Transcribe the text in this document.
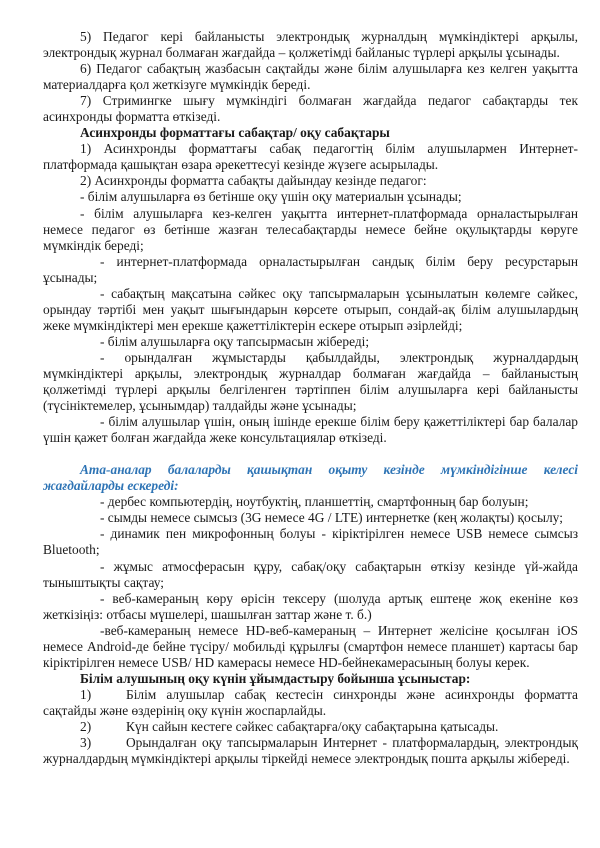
5) Педагог кері байланысты электрондық журналдың мүмкіндіктері арқылы, электрондық журнал болмаған жағдайда – қолжетімді байланыс түрлері арқылы ұсынады.

6) Педагог сабақтың жазбасын сақтайды және білім алушыларға кез келген уақытта материалдарға қол жеткізуге мүмкіндік береді.

7) Стримингке шығу мүмкіндігі болмаған жағдайда педагог сабақтарды тек асинхронды форматта өткізеді.

Асинхронды форматтағы сабақтар/ оқу сабақтары

1) Асинхронды форматтағы сабақ педагогтің білім алушылармен Интернет-платформада қашықтан өзара әрекеттесуі кезінде жүзеге асырылады.

2) Асинхронды форматта сабақты дайындау кезінде педагог:

- білім алушыларға өз бетінше оқу үшін оқу материалын ұсынады;

- білім алушыларға кез-келген уақытта интернет-платформада орналастырылған немесе педагог өз бетінше жазған телесабақтарды немесе бейне оқулықтарды көруге мүмкіндік береді;

- интернет-платформада орналастырылған сандық білім беру ресурстарын ұсынады;

- сабақтың мақсатына сәйкес оқу тапсырмаларын ұсынылатын көлемге сәйкес, орындау тәртібі мен уақыт шығындарын көрсете отырып, сондай-ақ білім алушылардың жеке мүмкіндіктері мен ерекше қажеттіліктерін ескере отырып әзірлейді;

- білім алушыларға оқу тапсырмасын жібереді;

- орындалған жұмыстарды қабылдайды, электрондық журналдардың мүмкіндіктері арқылы, электрондық журналдар болмаған жағдайда – байланыстың қолжетімді түрлері арқылы белгіленген тәртіппен білім алушыларға кері байланысты (түсініктемелер, ұсынымдар) талдайды және ұсынады;

- білім алушылар үшін, оның ішінде ерекше білім беру қажеттіліктері бар балалар үшін қажет болған жағдайда жеке консультациялар өткізеді.

Ата-аналар балаларды қашықтан оқыту кезінде мүмкіндігінше келесі жағдайларды ескереді:

- дербес компьютердің, ноутбуктің, планшеттің, смартфонның бар болуын;

- сымды немесе сымсыз (3G немесе 4G / LTE) интернетке (кең жолақты) қосылу;

- динамик пен микрофонның болуы - кіріктірілген немесе USB немесе сымсыз Bluetooth;

- жұмыс атмосферасын құру, сабақ/оқу сабақтарын өткізу кезінде үй-жайда тыныштықты сақтау;

- веб-камераның көру өрісін тексеру (шолуда артық ештеңе жоқ екеніне көз жеткізіңіз: отбасы мүшелері, шашылған заттар және т. б.)

-веб-камераның немесе HD-веб-камераның – Интернет желісіне қосылған iOS немесе Android-де бейне түсіру/ мобильді құрылғы (смартфон немесе планшет) картасы бар кіріктірілген немесе USB/ HD камерасы немесе HD-бейнекамерасының болуы керек.

Білім алушының оқу күнін ұйымдастыру бойынша ұсыныстар:

1)	Білім алушылар сабақ кестесін синхронды және асинхронды форматта сақтайды және өздерінің оқу күнін жоспарлайды.

2)	Күн сайын кестеге сәйкес сабақтарға/оқу сабақтарына қатысады.

3)	Орындалған оқу тапсырмаларын Интернет - платформалардың, электрондық журналдардың мүмкіндіктері арқылы тіркейді немесе электрондық пошта арқылы жібереді.
